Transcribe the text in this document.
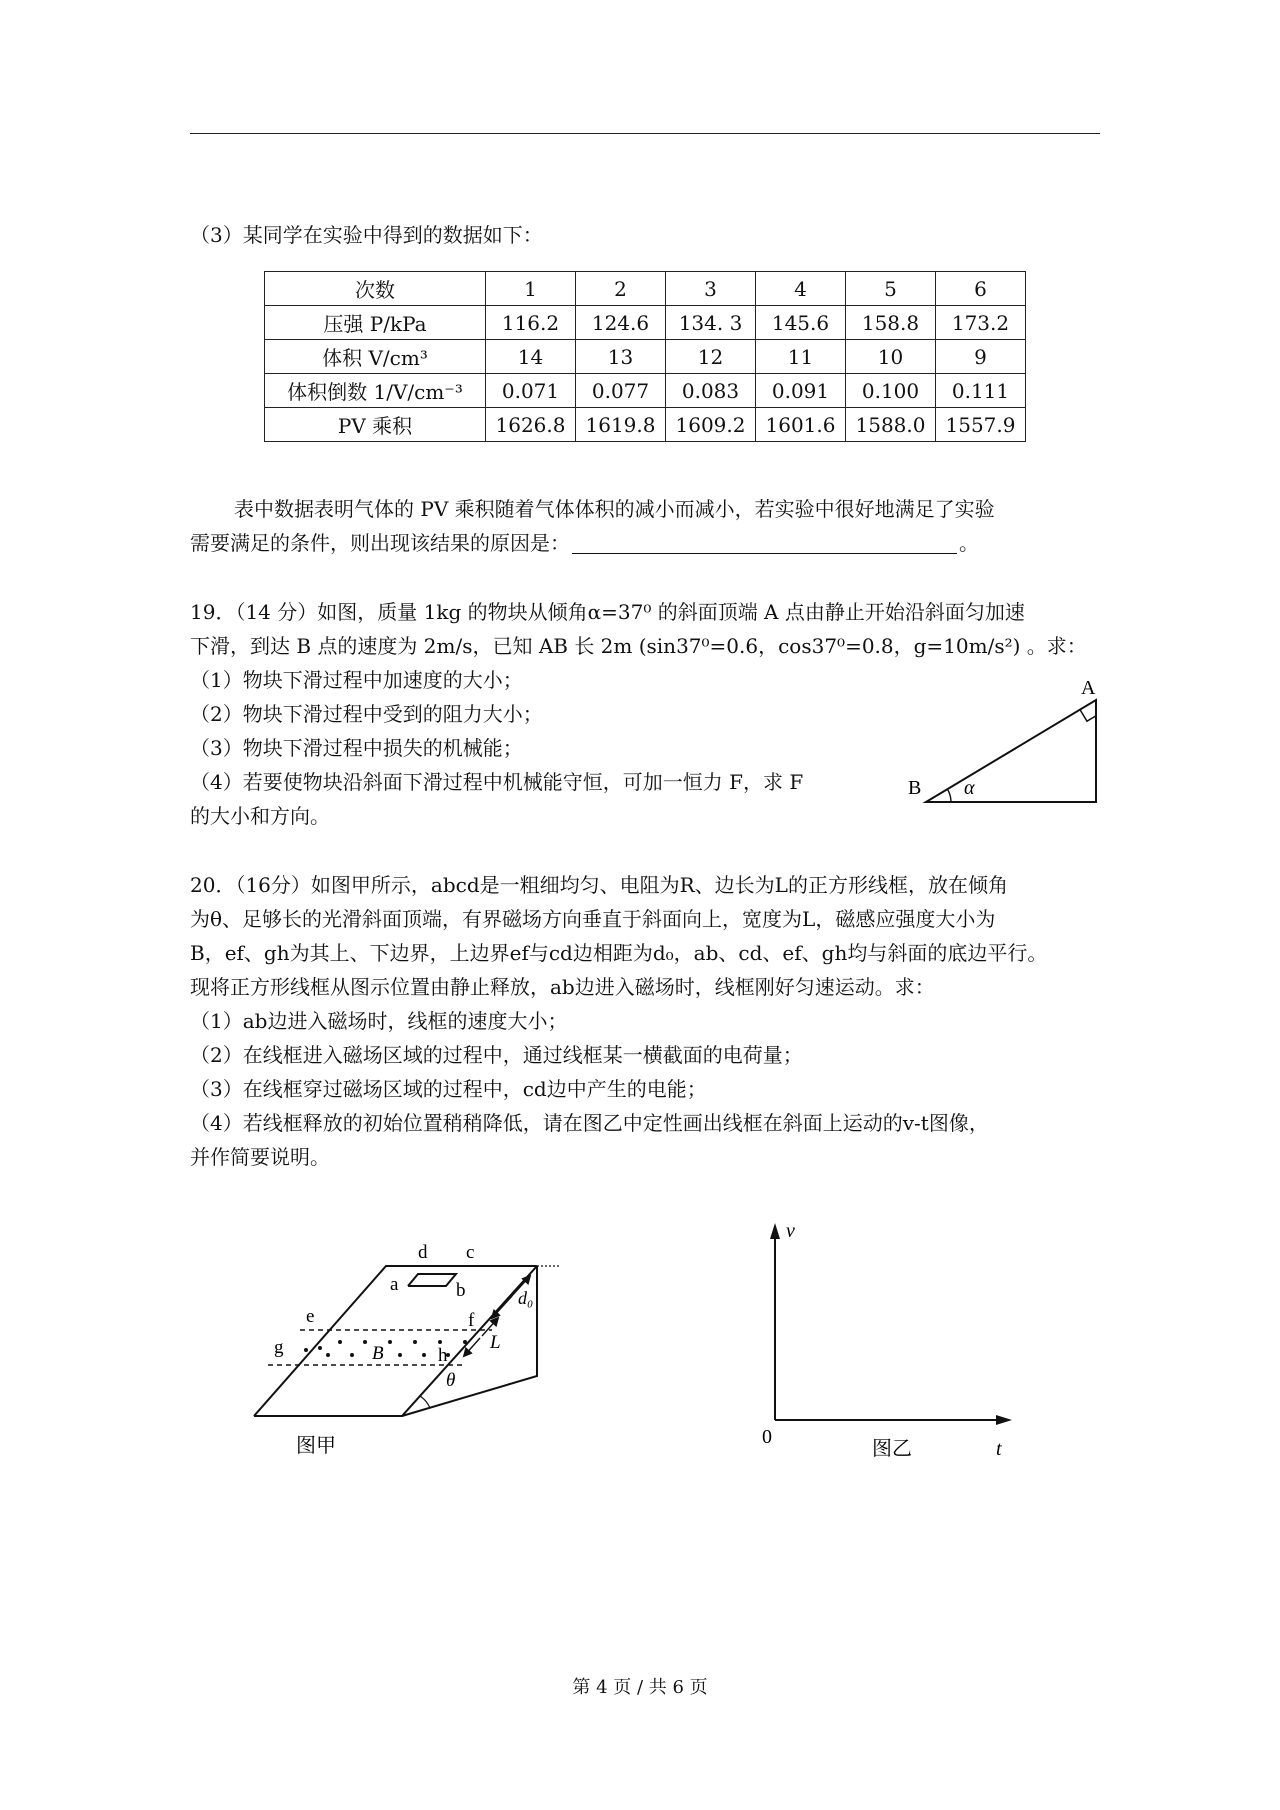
（3）某同学在实验中得到的数据如下：
次数	1	2	3	4	5	6
压强 P/kPa	116.2	124.6	134. 3	145.6	158.8	173.2
体积 V/cm³	14	13	12	11	10	9
体积倒数 1/V/cm⁻³	0.071	0.077	0.083	0.091	0.100	0.111
PV 乘积	1626.8	1619.8	1609.2	1601.6	1588.0	1557.9
表中数据表明气体的 PV 乘积随着气体体积的减小而减小，若实验中很好地满足了实验
需要满足的条件，则出现该结果的原因是：	。
19．（14 分）如图，质量 1kg 的物块从倾角α=37⁰ 的斜面顶端 A 点由静止开始沿斜面匀加速
下滑，到达 B 点的速度为 2m/s，已知 AB 长 2m (sin37⁰=0.6，cos37⁰=0.8，g=10m/s²) 。求：
（1）物块下滑过程中加速度的大小；
（2）物块下滑过程中受到的阻力大小；
（3）物块下滑过程中损失的机械能；
（4）若要使物块沿斜面下滑过程中机械能守恒，可加一恒力 F，求 F
的大小和方向。
A
B α
20．（16分）如图甲所示，abcd是一粗细均匀、电阻为R、边长为L的正方形线框，放在倾角
为θ、足够长的光滑斜面顶端，有界磁场方向垂直于斜面向上，宽度为L，磁感应强度大小为
B，ef、gh为其上、下边界，上边界ef与cd边相距为d₀，ab、cd、ef、gh均与斜面的底边平行。
现将正方形线框从图示位置由静止释放，ab边进入磁场时，线框刚好匀速运动。求：
（1）ab边进入磁场时，线框的速度大小；
（2）在线框进入磁场区域的过程中，通过线框某一横截面的电荷量；
（3）在线框穿过磁场区域的过程中，cd边中产生的电能；
（4）若线框释放的初始位置稍稍降低，请在图乙中定性画出线框在斜面上运动的v-t图像，
并作简要说明。
d c
a	b
e	f
g	h
B
d₀
L
θ
图甲
v
0
t
图乙
第 4 页 / 共 6 页
